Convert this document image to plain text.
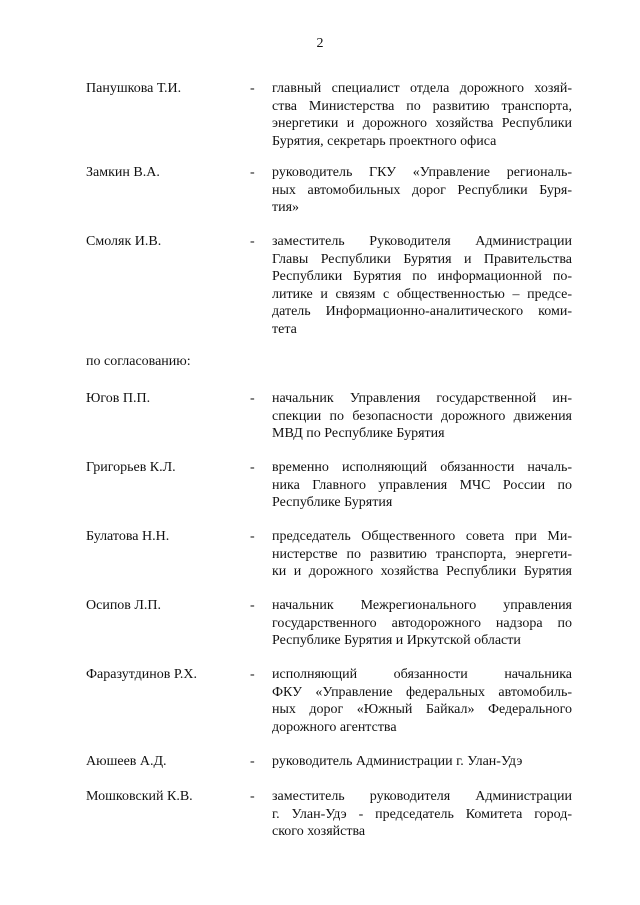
2
Панушкова Т.И.	- главный специалист отдела дорожного хозяй-
ства Министерства по развитию транспорта,
энергетики и дорожного хозяйства Республики
Бурятия, секретарь проектного офиса
Замкин В.А.	- руководитель ГКУ «Управление региональ-
ных автомобильных дорог Республики Буря-
тия»
Смоляк И.В.	- заместитель Руководителя Администрации
Главы Республики Бурятия и Правительства
Республики Бурятия по информационной по-
литике и связям с общественностью – предсе-
датель Информационно-аналитического коми-
тета
по согласованию:
Югов П.П.	- начальник Управления государственной ин-
спекции по безопасности дорожного движения
МВД по Республике Бурятия
Григорьев К.Л.	- временно исполняющий обязанности началь-
ника Главного управления МЧС России по
Республике Бурятия
Булатова Н.Н.	- председатель Общественного совета при Ми-
нистерстве по развитию транспорта, энергети-
ки и дорожного хозяйства Республики Бурятия
Осипов Л.П.	- начальник Межрегионального управления
государственного автодорожного надзора по
Республике Бурятия и Иркутской области
Фаразутдинов Р.Х.	- исполняющий обязанности начальника
ФКУ «Управление федеральных автомобиль-
ных дорог «Южный Байкал» Федерального
дорожного агентства
Аюшеев А.Д.	- руководитель Администрации г. Улан-Удэ
Мошковский К.В.	- заместитель руководителя Администрации
г. Улан-Удэ - председатель Комитета город-
ского хозяйства
